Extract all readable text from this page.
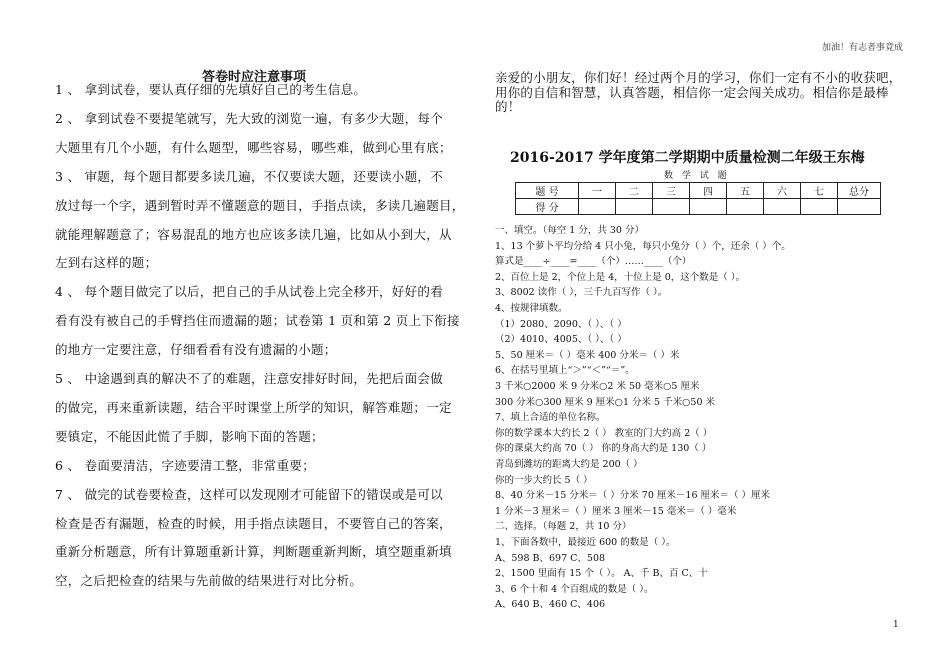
加油！有志者事竟成
答卷时应注意事项
1 、 拿到试卷，要认真仔细的先填好自己的考生信息。
2 、 拿到试卷不要提笔就写，先大致的浏览一遍，有多少大题，每个
大题里有几个小题，有什么题型，哪些容易，哪些难，做到心里有底；
3 、 审题，每个题目都要多读几遍，不仅要读大题，还要读小题，不
放过每一个字，遇到暂时弄不懂题意的题目，手指点读，多读几遍题目，
就能理解题意了；容易混乱的地方也应该多读几遍，比如从小到大，从
左到右这样的题；
4 、 每个题目做完了以后，把自己的手从试卷上完全移开，好好的看
看有没有被自己的手臂挡住而遗漏的题；试卷第 1 页和第 2 页上下衔接
的地方一定要注意，仔细看看有没有遗漏的小题；
5 、 中途遇到真的解决不了的难题，注意安排好时间，先把后面会做
的做完，再来重新读题，结合平时课堂上所学的知识，解答难题；一定
要镇定，不能因此慌了手脚，影响下面的答题；
6 、 卷面要清洁，字迹要清工整，非常重要；
7 、 做完的试卷要检查，这样可以发现刚才可能留下的错误或是可以
检查是否有漏题，检查的时候，用手指点读题目，不要管自己的答案，
重新分析题意，所有计算题重新计算，判断题重新判断，填空题重新填
空，之后把检查的结果与先前做的结果进行对比分析。
亲爱的小朋友，你们好！经过两个月的学习，你们一定有不小的收获吧，
用你的自信和智慧，认真答题，相信你一定会闯关成功。相信你是最棒
的！
2016-2017 学年度第二学期期中质量检测二年级王东梅
数 学 试 题
题 号	一	二	三	四	五	六	七	总分
得 分								
一、填空。（每空 1 分，共 30 分）
1、13 个萝卜平均分给 4 只小兔，每只小兔分（ ）个，还余（ ）个。
算式是____÷____=____（个）……____（个）
2、百位上是 2，个位上是 4，十位上是 0，这个数是（ ）。
3、8002 读作（ ），三千九百写作（ ）。
4、按规律填数。
（1）2080、2090、（ ）、（ ）
（2）4010、4005、（ ）、（ ）
5、50 厘米＝（ ）毫米 400 分米＝（ ）米
6、在括号里填上“＞”“＜”“＝”。
3 千米○2000 米 9 分米○2 米 50 毫米○5 厘米
300 分米○300 厘米 9 厘米○1 分米 5 千米○50 米
7、填上合适的单位名称。
你的数学课本大约长 2（ ） 教室的门大约高 2（ ）
你的课桌大约高 70（ ） 你的身高大约是 130（ ）
青岛到潍坊的距离大约是 200（ ）
你的一步大约长 5（ ）
8、40 分米－15 分米＝（ ）分米 70 厘米－16 厘米＝（ ）厘米
1 分米－3 厘米＝（ ）厘米 3 厘米－15 毫米＝（ ）毫米
二、选择。（每题 2，共 10 分）
1、下面各数中，最接近 600 的数是（ ）。
A、598 B、697 C、508
2、1500 里面有 15 个（ ）。 A、千 B、百 C、十
3、6 个十和 4 个百组成的数是（ ）。
A、640 B、460 C、406
1
